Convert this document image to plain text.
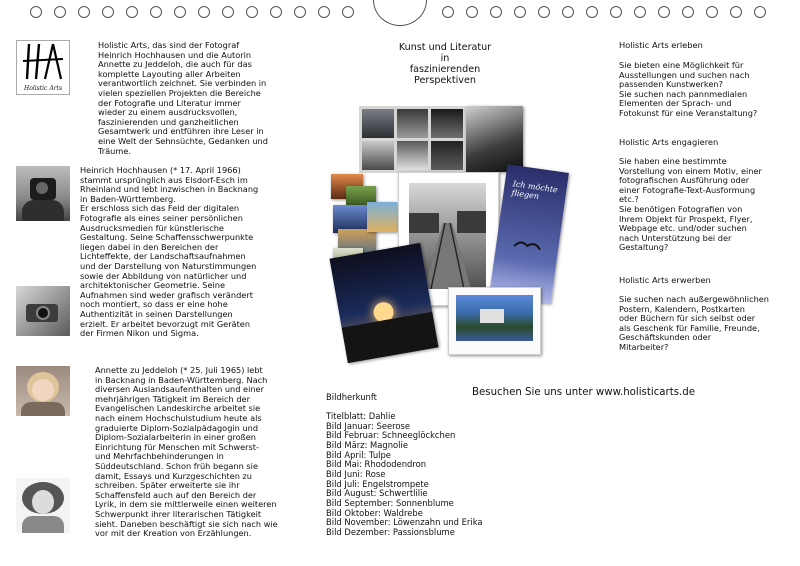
Holistic Arts
Holistic Arts, das sind der Fotograf
Heinrich Hochhausen und die Autorin
Annette zu Jeddeloh, die auch für das
komplette Layouting aller Arbeiten
verantwortlich zeichnet. Sie verbinden in
vielen speziellen Projekten die Bereiche
der Fotografie und Literatur immer
wieder zu einem ausdrucksvollen,
faszinierenden und ganzheitlichen
Gesamtwerk und entführen ihre Leser in
eine Welt der Sehnsüchte, Gedanken und
Träume.
Heinrich Hochhausen (* 17. April 1966)
stammt ursprünglich aus Elsdorf-Esch im
Rheinland und lebt inzwischen in Backnang
in Baden-Württemberg.
Er erschloss sich das Feld der digitalen
Fotografie als eines seiner persönlichen
Ausdrucksmedien für künstlerische
Gestaltung. Seine Schaffensschwerpunkte
liegen dabei in den Bereichen der
Lichteffekte, der Landschaftsaufnahmen
und der Darstellung von Naturstimmungen
sowie der Abbildung von natürlicher und
architektonischer Geometrie. Seine
Aufnahmen sind weder grafisch verändert
noch montiert, so dass er eine hohe
Authentizität in seinen Darstellungen
erzielt. Er arbeitet bevorzugt mit Geräten
der Firmen Nikon und Sigma.
Annette zu Jeddeloh (* 25. Juli 1965) lebt
in Backnang in Baden-Württemberg. Nach
diversen Auslandsaufenthalten und einer
mehrjährigen Tätigkeit im Bereich der
Evangelischen Landeskirche arbeitet sie
nach einem Hochschulstudium heute als
graduierte Diplom-Sozialpädagogin und
Diplom-Sozialarbeiterin in einer großen
Einrichtung für Menschen mit Schwerst-
und Mehrfachbehinderungen in
Süddeutschland. Schon früh begann sie
damit, Essays und Kurzgeschichten zu
schreiben. Später erweiterte sie ihr
Schaffensfeld auch auf den Bereich der
Lyrik, in dem sie mittlerweile einen weiteren
Schwerpunkt ihrer literarischen Tätigkeit
sieht. Daneben beschäftigt sie sich nach wie
vor mit der Kreation von Erzählungen.
Kunst und Literatur
in
faszinierenden
Perspektiven
Ich möchte fliegen
Besuchen Sie uns unter www.holisticarts.de
Bildherkunft
Titelblatt: Dahlie
Bild Januar: Seerose
Bild Februar: Schneeglöckchen
Bild März: Magnolie
Bild April: Tulpe
Bild Mai: Rhododendron
Bild Juni: Rose
Bild Juli: Engelstrompete
Bild August: Schwertlilie
Bild September: Sonnenblume
Bild Oktober: Waldrebe
Bild November: Löwenzahn und Erika
Bild Dezember: Passionsblume
Holistic Arts erleben
Sie bieten eine Möglichkeit für
Ausstellungen und suchen nach
passenden Kunstwerken?
Sie suchen nach pannmedialen
Elementen der Sprach- und
Fotokunst für eine Veranstaltung?
Holistic Arts engagieren
Sie haben eine bestimmte
Vorstellung von einem Motiv, einer
fotografischen Ausführung oder
einer Fotografie-Text-Ausformung
etc.?
Sie benötigen Fotografien von
Ihrem Objekt für Prospekt, Flyer,
Webpage etc. und/oder suchen
nach Unterstützung bei der
Gestaltung?
Holistic Arts erwerben
Sie suchen nach außergewöhnlichen
Postern, Kalendern, Postkarten
oder Büchern für sich selbst oder
als Geschenk für Familie, Freunde,
Geschäftskunden oder
Mitarbeiter?
